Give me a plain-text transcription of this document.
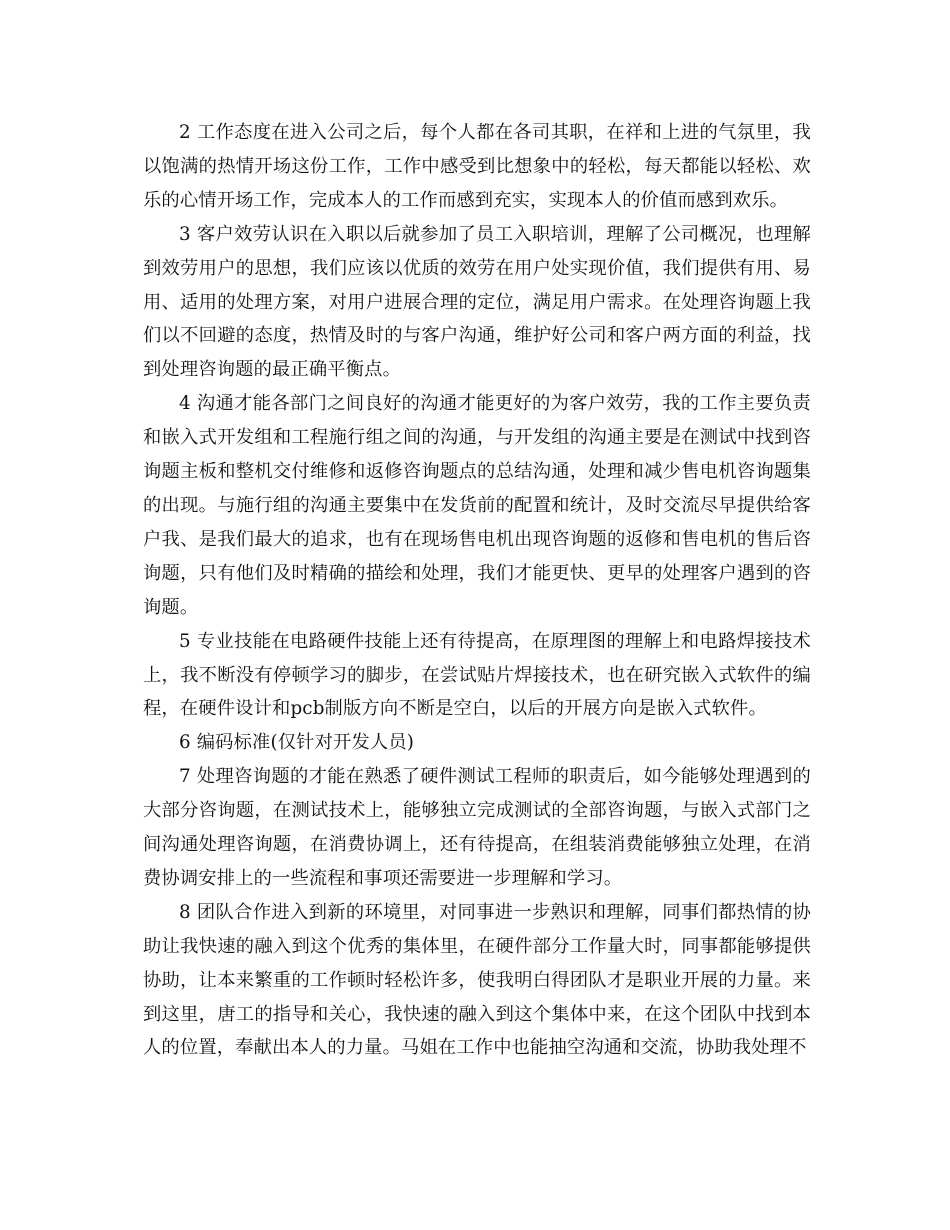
2 工作态度在进入公司之后，每个人都在各司其职，在祥和上进的气氛里，我以饱满的热情开场这份工作，工作中感受到比想象中的轻松，每天都能以轻松、欢乐的心情开场工作，完成本人的工作而感到充实，实现本人的价值而感到欢乐。

3 客户效劳认识在入职以后就参加了员工入职培训，理解了公司概况，也理解到效劳用户的思想，我们应该以优质的效劳在用户处实现价值，我们提供有用、易用、适用的处理方案，对用户进展合理的定位，满足用户需求。在处理咨询题上我们以不回避的态度，热情及时的与客户沟通，维护好公司和客户两方面的利益，找到处理咨询题的最正确平衡点。

4 沟通才能各部门之间良好的沟通才能更好的为客户效劳，我的工作主要负责和嵌入式开发组和工程施行组之间的沟通，与开发组的沟通主要是在测试中找到咨询题主板和整机交付维修和返修咨询题点的总结沟通，处理和减少售电机咨询题集的出现。与施行组的沟通主要集中在发货前的配置和统计，及时交流尽早提供给客户我、是我们最大的追求，也有在现场售电机出现咨询题的返修和售电机的售后咨询题，只有他们及时精确的描绘和处理，我们才能更快、更早的处理客户遇到的咨询题。

5 专业技能在电路硬件技能上还有待提高，在原理图的理解上和电路焊接技术上，我不断没有停顿学习的脚步，在尝试贴片焊接技术，也在研究嵌入式软件的编程，在硬件设计和pcb制版方向不断是空白，以后的开展方向是嵌入式软件。

6 编码标准(仅针对开发人员)

7 处理咨询题的才能在熟悉了硬件测试工程师的职责后，如今能够处理遇到的大部分咨询题，在测试技术上，能够独立完成测试的全部咨询题，与嵌入式部门之间沟通处理咨询题，在消费协调上，还有待提高，在组装消费能够独立处理，在消费协调安排上的一些流程和事项还需要进一步理解和学习。

8 团队合作进入到新的环境里，对同事进一步熟识和理解，同事们都热情的协助让我快速的融入到这个优秀的集体里，在硬件部分工作量大时，同事都能够提供协助，让本来繁重的工作顿时轻松许多，使我明白得团队才是职业开展的力量。来到这里，唐工的指导和关心，我快速的融入到这个集体中来，在这个团队中找到本人的位置，奉献出本人的力量。马姐在工作中也能抽空沟通和交流，协助我处理不
